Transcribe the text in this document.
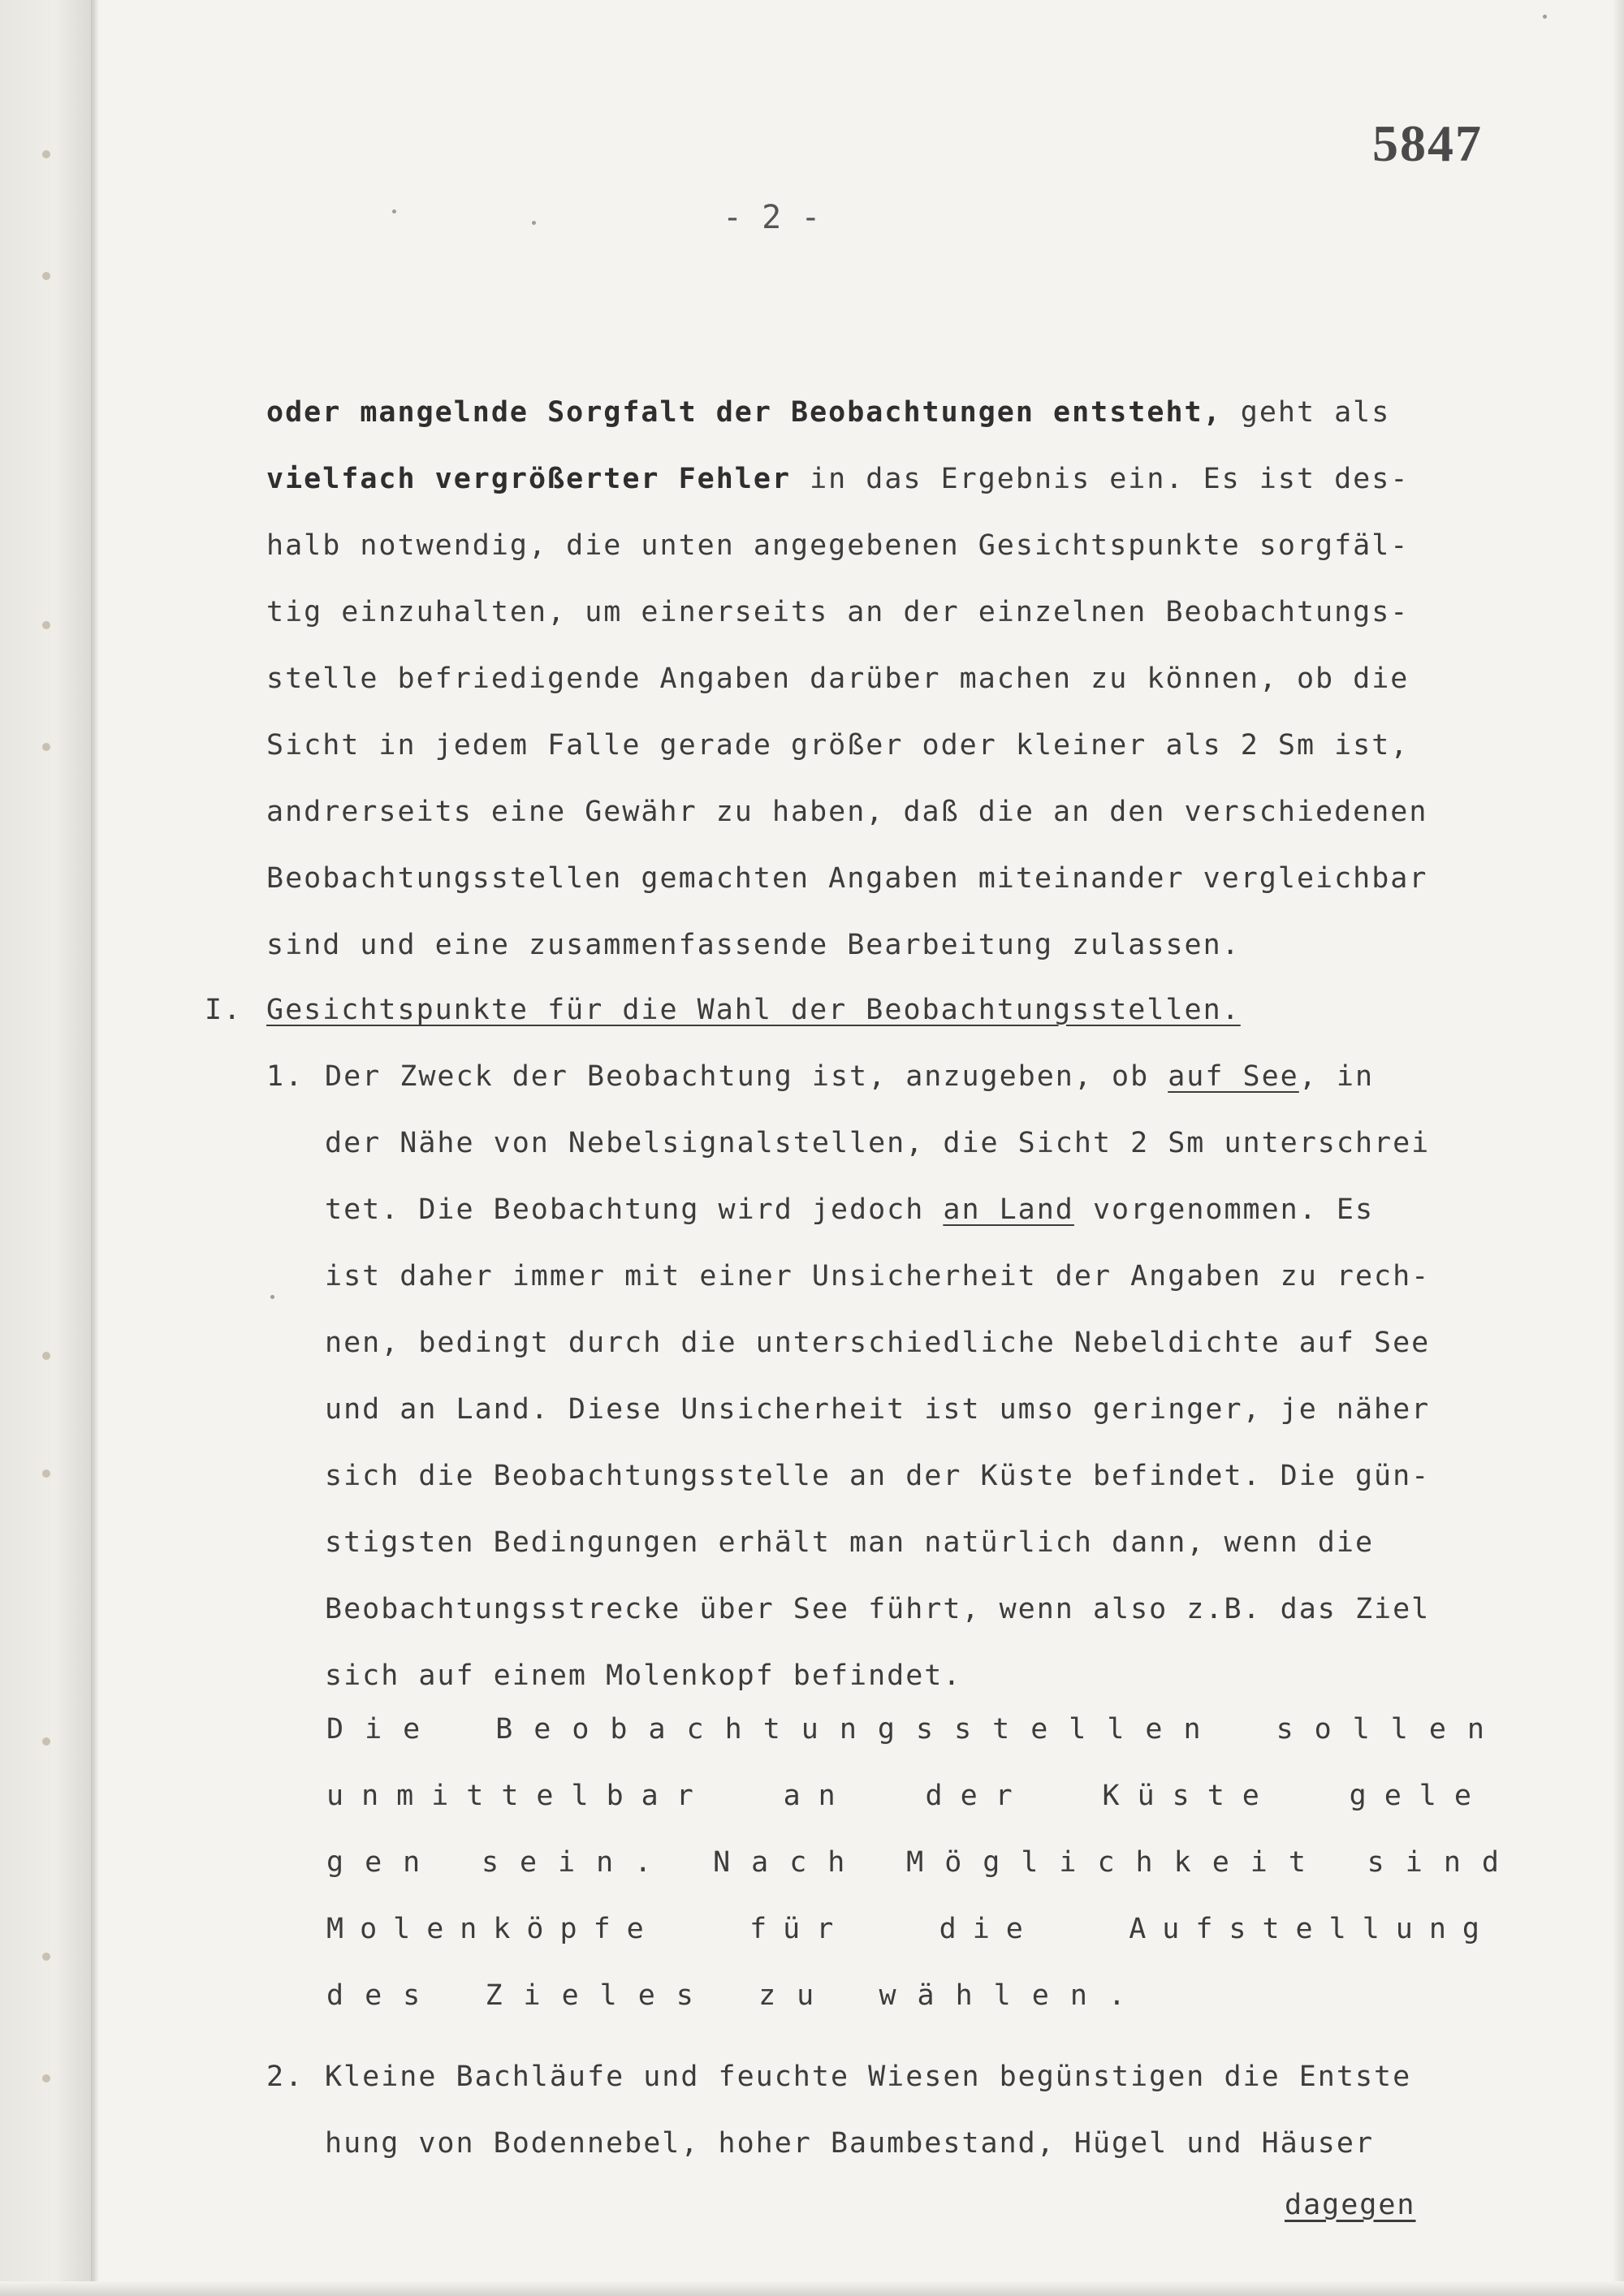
5847
- 2 -
oder mangelnde Sorgfalt der Beobachtungen entsteht, geht als
vielfach vergrößerter Fehler in das Ergebnis ein. Es ist des-
halb notwendig, die unten angegebenen Gesichtspunkte sorgfäl-
tig einzuhalten, um einerseits an der einzelnen Beobachtungs-
stelle befriedigende Angaben darüber machen zu können, ob die
Sicht in jedem Falle gerade größer oder kleiner als 2 Sm ist,
andrerseits eine Gewähr zu haben, daß die an den verschiedenen
Beobachtungsstellen gemachten Angaben miteinander vergleichbar
sind und eine zusammenfassende Bearbeitung zulassen.
I. Gesichtspunkte für die Wahl der Beobachtungsstellen.
1. Der Zweck der Beobachtung ist, anzugeben, ob auf See, in
der Nähe von Nebelsignalstellen, die Sicht 2 Sm unterschrei
tet. Die Beobachtung wird jedoch an Land vorgenommen. Es
ist daher immer mit einer Unsicherheit der Angaben zu rech-
nen, bedingt durch die unterschiedliche Nebeldichte auf See
und an Land. Diese Unsicherheit ist umso geringer, je näher
sich die Beobachtungsstelle an der Küste befindet. Die gün-
stigsten Bedingungen erhält man natürlich dann, wenn die
Beobachtungsstrecke über See führt, wenn also z.B. das Ziel
sich auf einem Molenkopf befindet.
Die Beobachtungsstellen sollen
unmittelbar	an	der	Küste	gele
gen sein. Nach Möglichkeit sind
Molenköpfe	für	die	Aufstellung
des Zieles zu wählen.
2. Kleine Bachläufe und feuchte Wiesen begünstigen die Entste
hung von Bodennebel, hoher Baumbestand, Hügel und Häuser
dagegen
